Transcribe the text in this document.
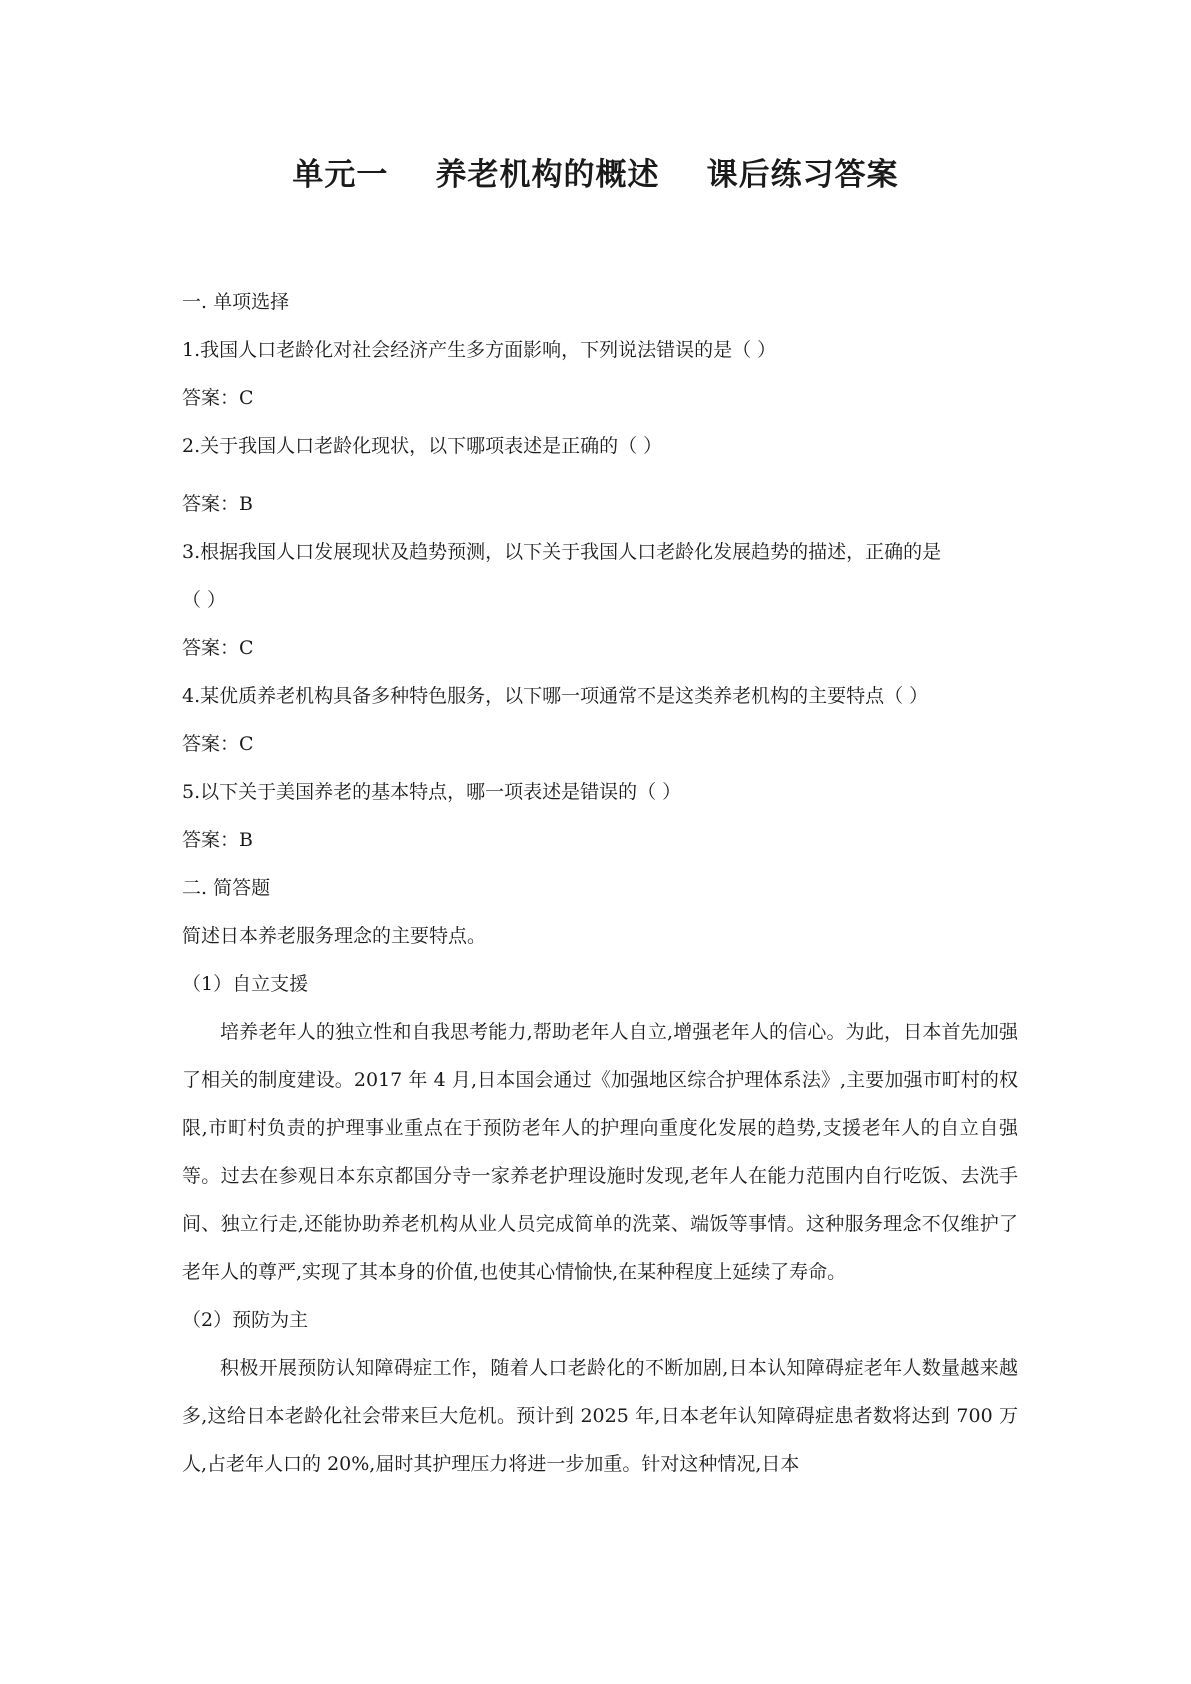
单元一    养老机构的概述    课后练习答案
一. 单项选择
1.我国人口老龄化对社会经济产生多方面影响，下列说法错误的是（ ）
答案：C
2.关于我国人口老龄化现状，以下哪项表述是正确的（ ）
答案：B
3.根据我国人口发展现状及趋势预测，以下关于我国人口老龄化发展趋势的描述，正确的是
（ ）
答案：C
4.某优质养老机构具备多种特色服务，以下哪一项通常不是这类养老机构的主要特点（ ）
答案：C
5.以下关于美国养老的基本特点，哪一项表述是错误的（ ）
答案：B
二. 简答题
简述日本养老服务理念的主要特点。
（1）自立支援

培养老年人的独立性和自我思考能力,帮助老年人自立,增强老年人的信心。为此，日本首先加强了相关的制度建设。2017 年 4 月,日本国会通过《加强地区综合护理体系法》,主要加强市町村的权限,市町村负责的护理事业重点在于预防老年人的护理向重度化发展的趋势,支援老年人的自立自强等。过去在参观日本东京都国分寺一家养老护理设施时发现,老年人在能力范围内自行吃饭、去洗手间、独立行走,还能协助养老机构从业人员完成简单的洗菜、端饭等事情。这种服务理念不仅维护了老年人的尊严,实现了其本身的价值,也使其心情愉快,在某种程度上延续了寿命。

（2）预防为主

积极开展预防认知障碍症工作，随着人口老龄化的不断加剧,日本认知障碍症老年人数量越来越多,这给日本老龄化社会带来巨大危机。预计到 2025 年,日本老年认知障碍症患者数将达到 700 万人,占老年人口的 20%,届时其护理压力将进一步加重。针对这种情况,日本
